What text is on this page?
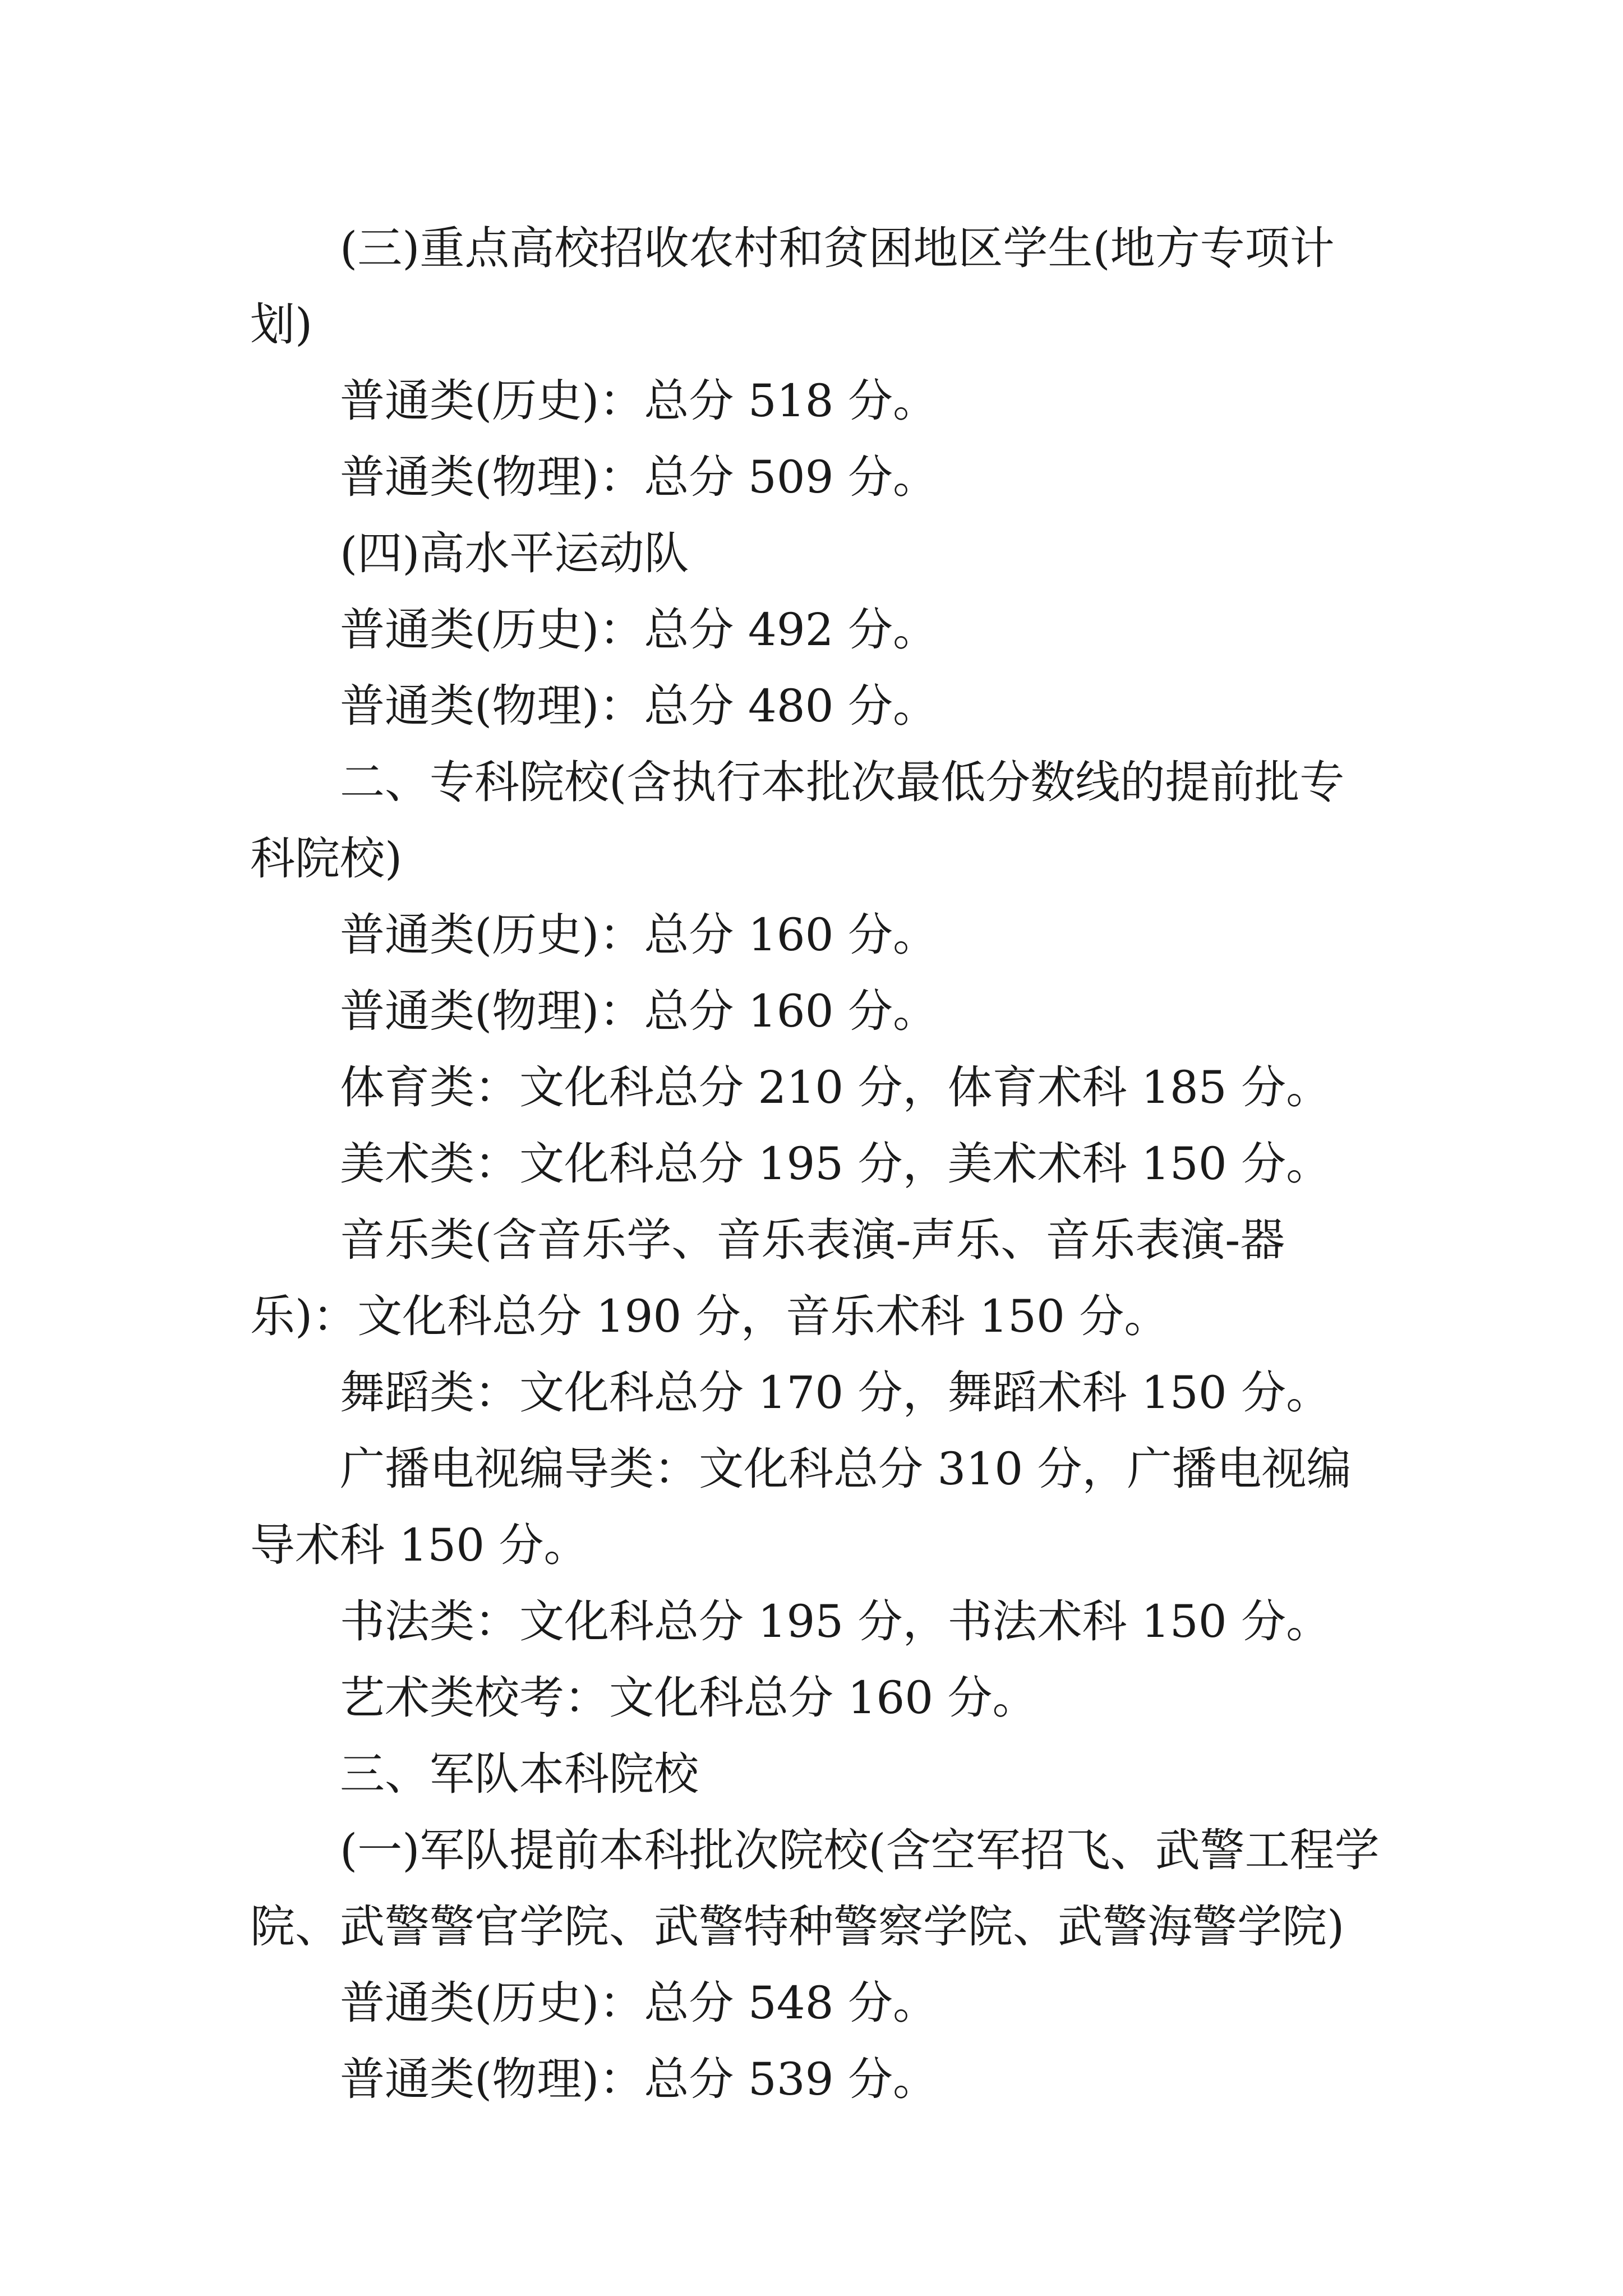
(三)重点高校招收农村和贫困地区学生(地方专项计划)

普通类(历史)：总分 518 分。

普通类(物理)：总分 509 分。

(四)高水平运动队

普通类(历史)：总分 492 分。

普通类(物理)：总分 480 分。

二、专科院校(含执行本批次最低分数线的提前批专科院校)

普通类(历史)：总分 160 分。

普通类(物理)：总分 160 分。

体育类：文化科总分 210 分，体育术科 185 分。

美术类：文化科总分 195 分，美术术科 150 分。

音乐类(含音乐学、音乐表演-声乐、音乐表演-器乐)：文化科总分 190 分，音乐术科 150 分。

舞蹈类：文化科总分 170 分，舞蹈术科 150 分。

广播电视编导类：文化科总分 310 分，广播电视编导术科 150 分。

书法类：文化科总分 195 分，书法术科 150 分。

艺术类校考：文化科总分 160 分。

三、军队本科院校

(一)军队提前本科批次院校(含空军招飞、武警工程学院、武警警官学院、武警特种警察学院、武警海警学院)

普通类(历史)：总分 548 分。

普通类(物理)：总分 539 分。
